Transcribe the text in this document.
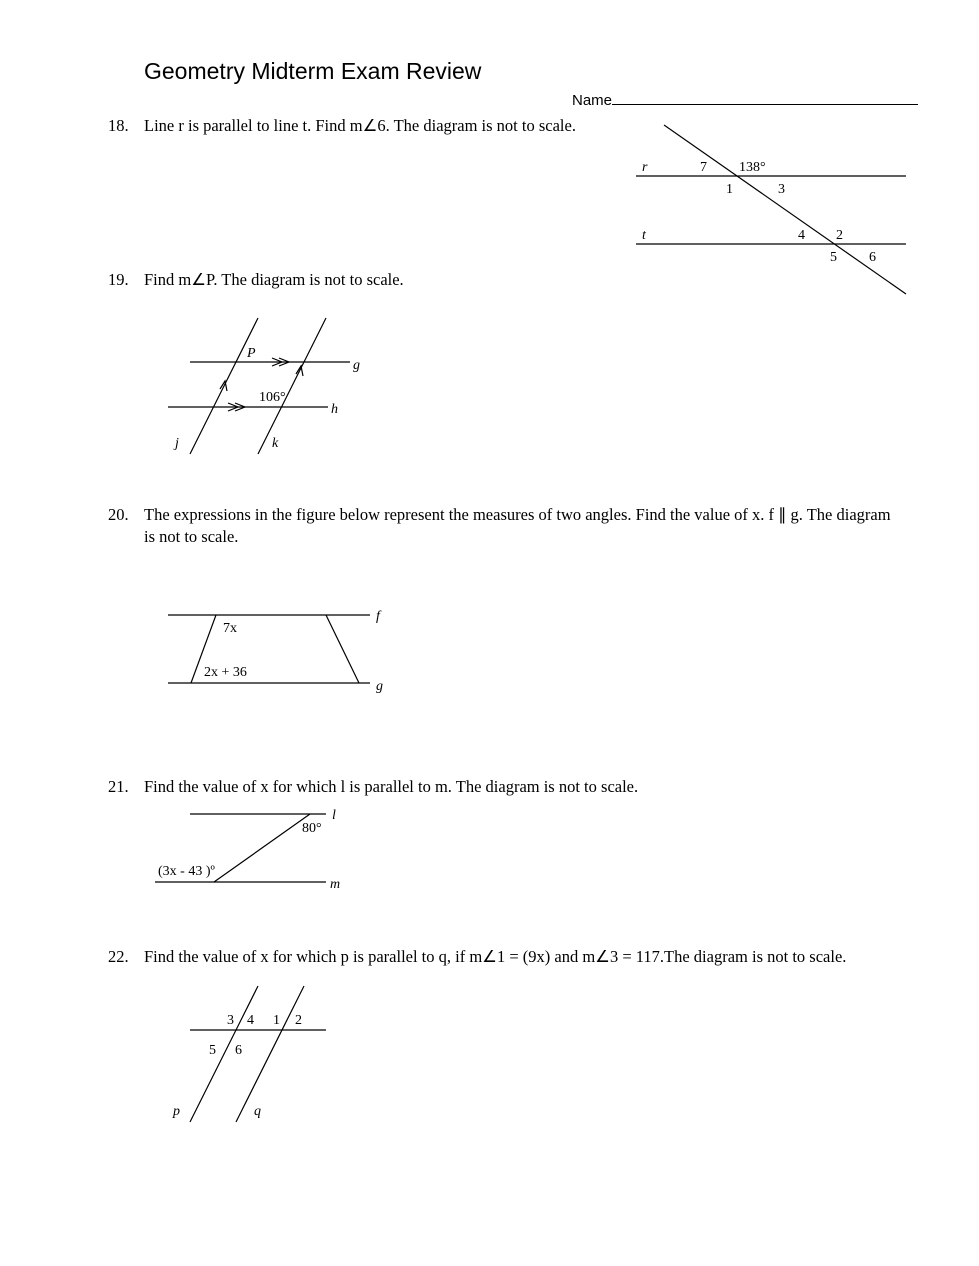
Geometry Midterm Exam Review
Name
18. Line r is parallel to line t. Find m∠6. The diagram is not to scale.
19. Find m∠P. The diagram is not to scale.
20. The expressions in the figure below represent the measures of two angles. Find the value of x. f ∥ g. The diagram is not to scale.
21. Find the value of x for which l is parallel to m. The diagram is not to scale.
22. Find the value of x for which p is parallel to q, if m∠1 = (9x) and m∠3 = 117.The diagram is not to scale.
r
t
7 138°
1	3
4 2
5 6
P
g
106°
h
j	k
7x
2x + 36
f
g
l
80°
(3x - 43 )º
m
3 4 1 2
5 6
p	q
